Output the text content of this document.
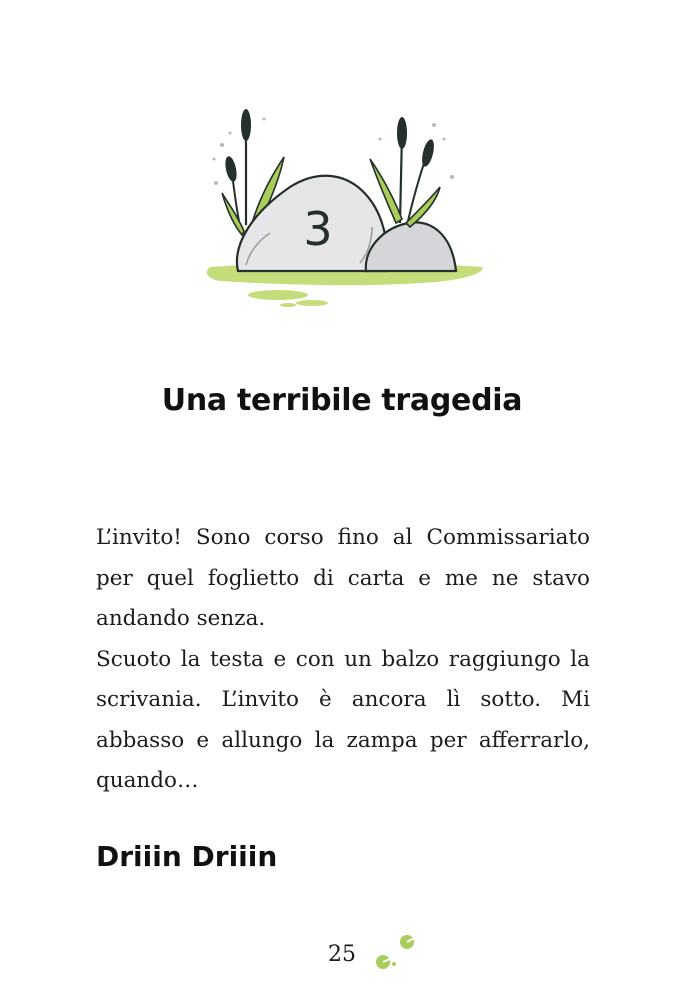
3
Una terribile tragedia

L’invito! Sono corso fino al Commissariato per quel foglietto di carta e me ne stavo andando senza.

Scuoto la testa e con un balzo raggiungo la scrivania. L’invito è ancora lì sotto. Mi abbasso e allungo la zampa per afferrarlo, quando…

Driiin Driiin
25
